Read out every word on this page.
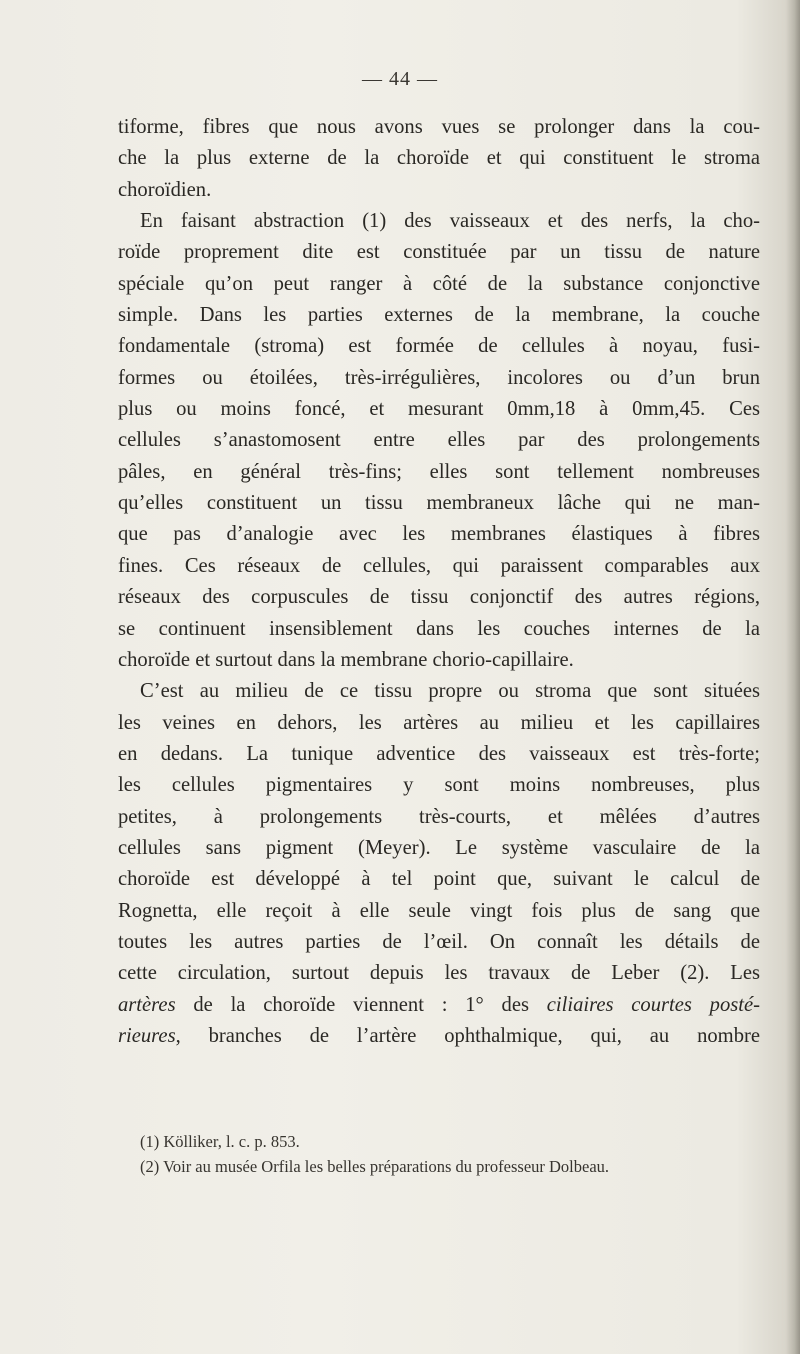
— 44 —
tiforme, fibres que nous avons vues se prolonger dans la cou-
che la plus externe de la choroïde et qui constituent le stroma
choroïdien.
En faisant abstraction (1) des vaisseaux et des nerfs, la cho-
roïde proprement dite est constituée par un tissu de nature
spéciale qu’on peut ranger à côté de la substance conjonctive
simple. Dans les parties externes de la membrane, la couche
fondamentale (stroma) est formée de cellules à noyau, fusi-
formes ou étoilées, très-irrégulières, incolores ou d’un brun
plus ou moins foncé, et mesurant 0mm,18 à 0mm,45. Ces
cellules s’anastomosent entre elles par des prolongements
pâles, en général très-fins; elles sont tellement nombreuses
qu’elles constituent un tissu membraneux lâche qui ne man-
que pas d’analogie avec les membranes élastiques à fibres
fines. Ces réseaux de cellules, qui paraissent comparables aux
réseaux des corpuscules de tissu conjonctif des autres régions,
se continuent insensiblement dans les couches internes de la
choroïde et surtout dans la membrane chorio-capillaire.
C’est au milieu de ce tissu propre ou stroma que sont situées
les veines en dehors, les artères au milieu et les capillaires
en dedans. La tunique adventice des vaisseaux est très-forte;
les cellules pigmentaires y sont moins nombreuses, plus
petites, à prolongements très-courts, et mêlées d’autres
cellules sans pigment (Meyer). Le système vasculaire de la
choroïde est développé à tel point que, suivant le calcul de
Rognetta, elle reçoit à elle seule vingt fois plus de sang que
toutes les autres parties de l’œil. On connaît les détails de
cette circulation, surtout depuis les travaux de Leber (2). Les
artères de la choroïde viennent : 1° des ciliaires courtes posté-
rieures, branches de l’artère ophthalmique, qui, au nombre
(1) Kölliker, l. c. p. 853.
(2) Voir au musée Orfila les belles préparations du professeur Dolbeau.
